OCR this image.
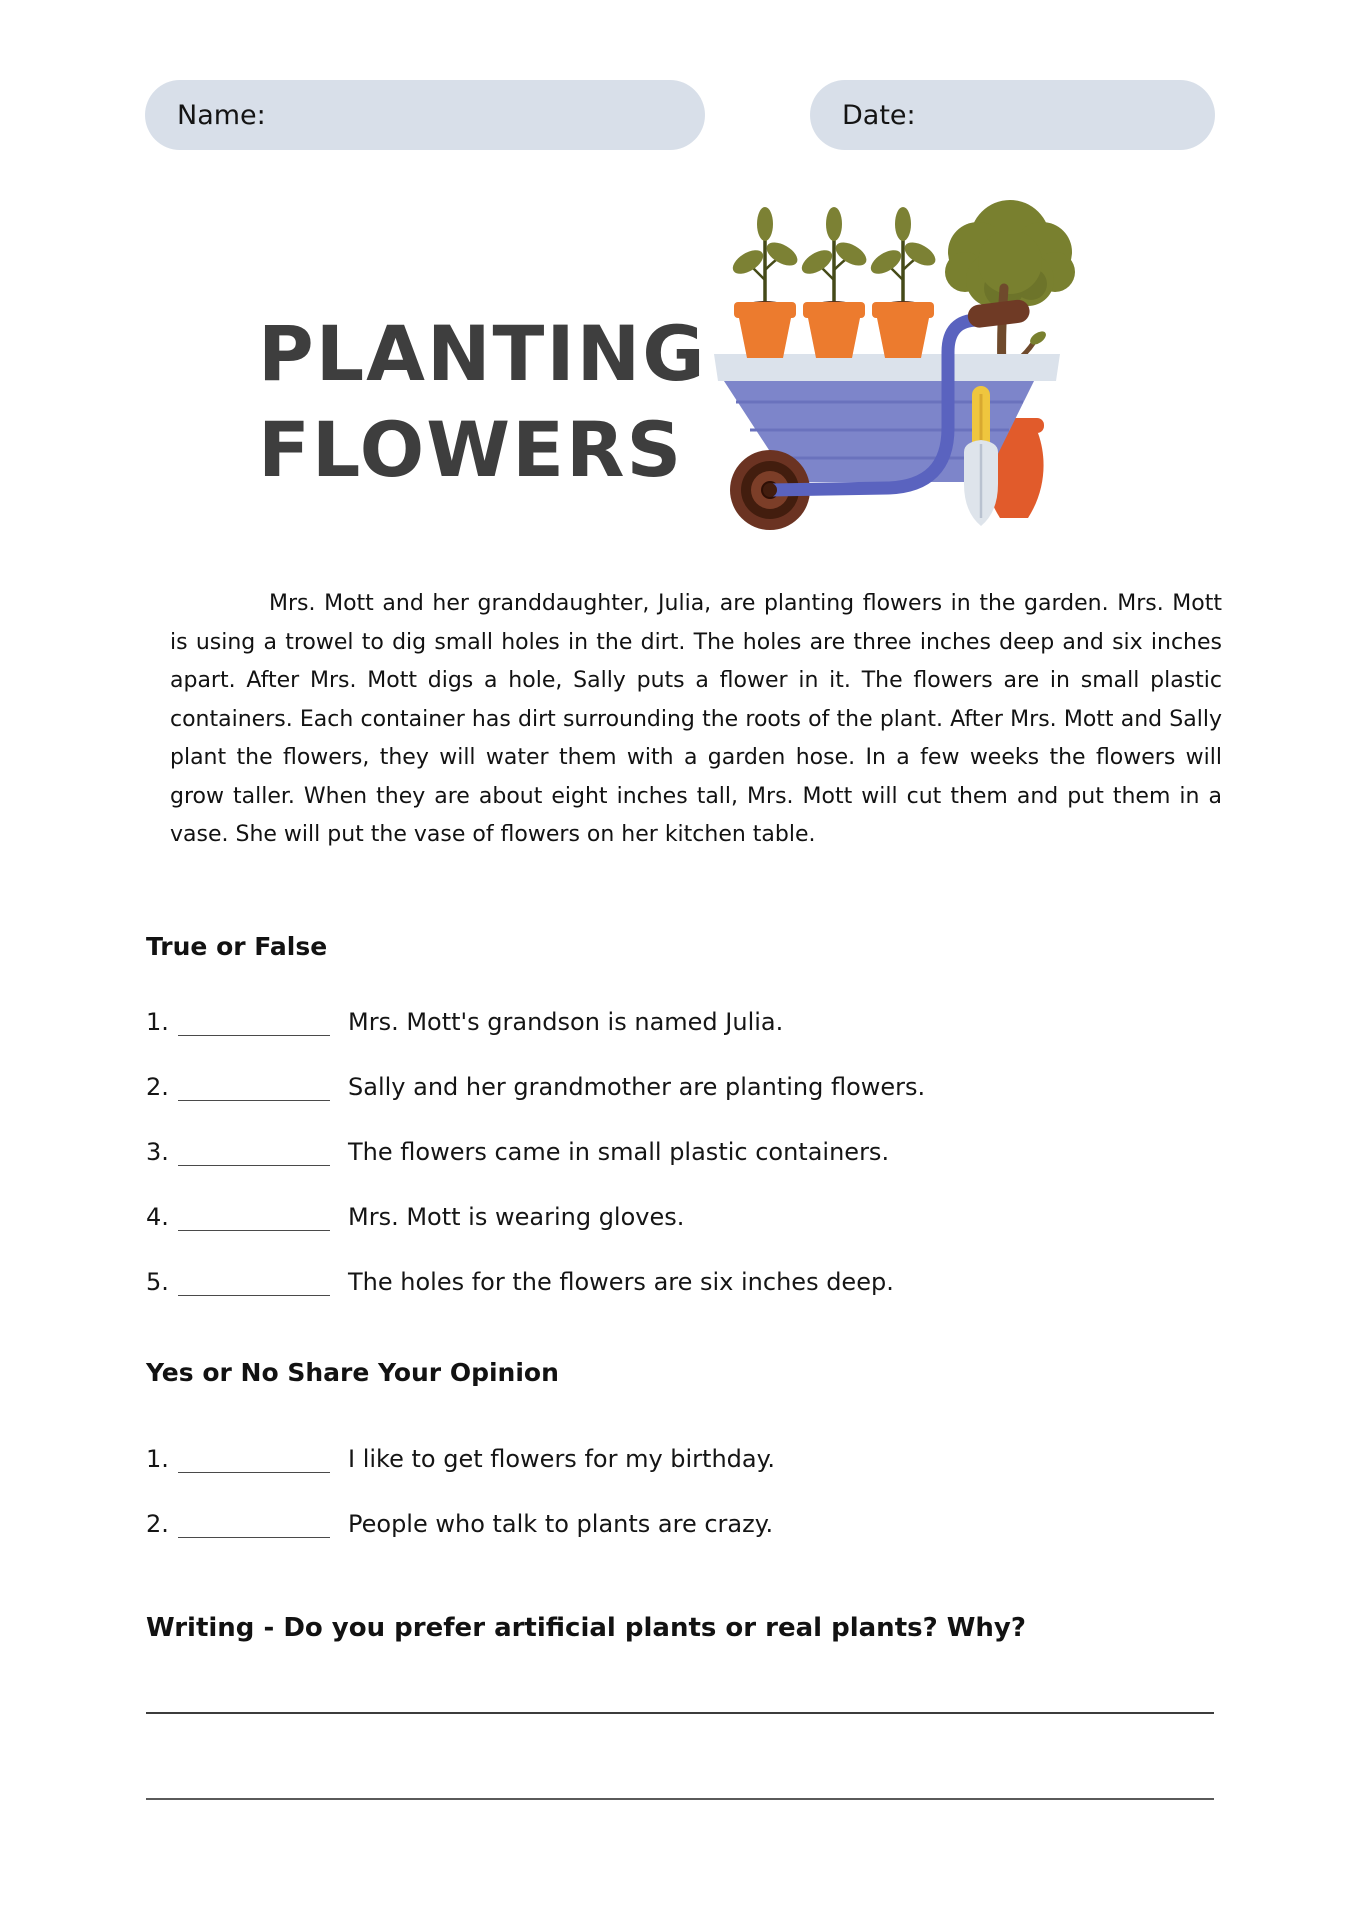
Name:	Date:
PLANTING
FLOWERS
Mrs. Mott and her granddaughter, Julia, are planting flowers in the garden. Mrs. Mott is using a trowel to dig small holes in the dirt. The holes are three inches deep and six inches apart. After Mrs. Mott digs a hole, Sally puts a flower in it. The flowers are in small plastic containers. Each container has dirt surrounding the roots of the plant. After Mrs. Mott and Sally plant the flowers, they will water them with a garden hose. In a few weeks the flowers will grow taller. When they are about eight inches tall, Mrs. Mott will cut them and put them in a vase. She will put the vase of flowers on her kitchen table.
True or False
1.	Mrs. Mott's grandson is named Julia.
2.	Sally and her grandmother are planting flowers.
3.	The flowers came in small plastic containers.
4.	Mrs. Mott is wearing gloves.
5.	The holes for the flowers are six inches deep.
Yes or No Share Your Opinion
1.	I like to get flowers for my birthday.
2.	People who talk to plants are crazy.
Writing - Do you prefer artificial plants or real plants? Why?
